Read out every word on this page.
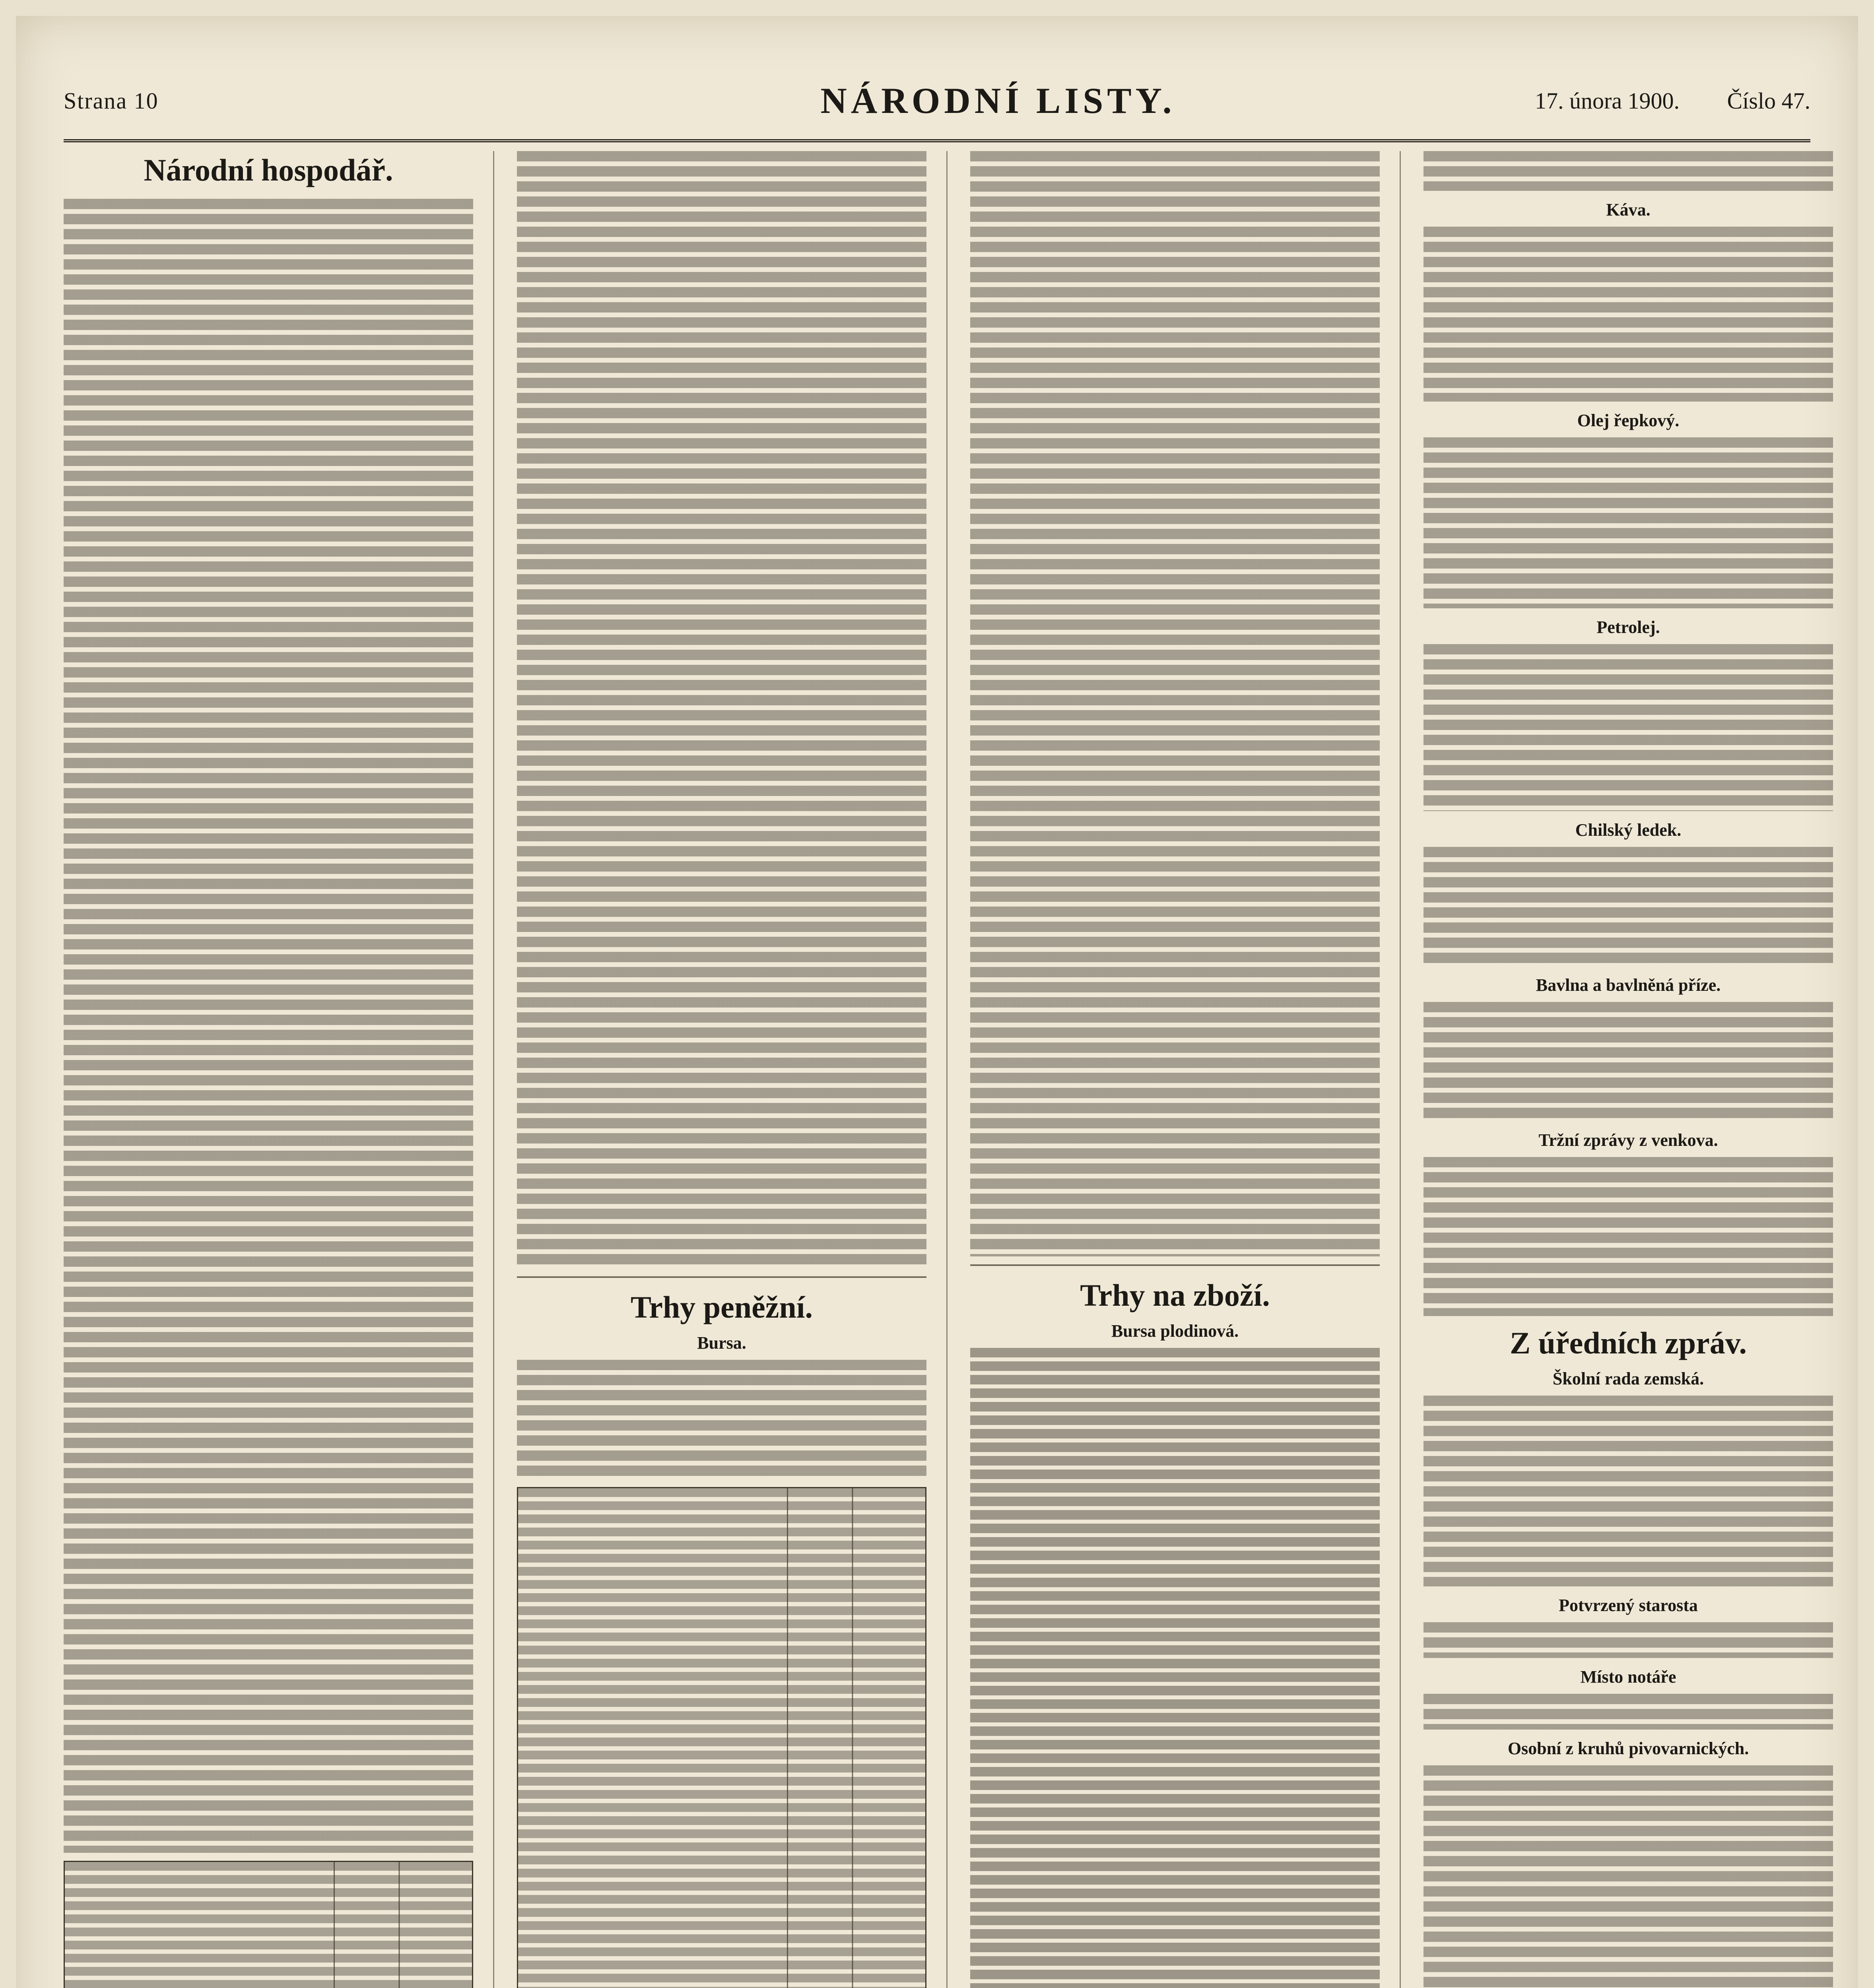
Strana 10	NÁRODNÍ LISTY.	17. února 1900. Číslo 47.
Národní hospodář.
Trhy peněžní.
Bursa.
Trhy na zboží.
Bursa plodinová.
Káva.
Olej řepkový.
Petrolej.
Chilský ledek.
Bavlna a bavlněná příze.
Tržní zprávy z venkova.
Z úředních zpráv.
Školní rada zemská.
Potvrzený starosta
Místo notáře
Osobní z kruhů pivovarnických.
